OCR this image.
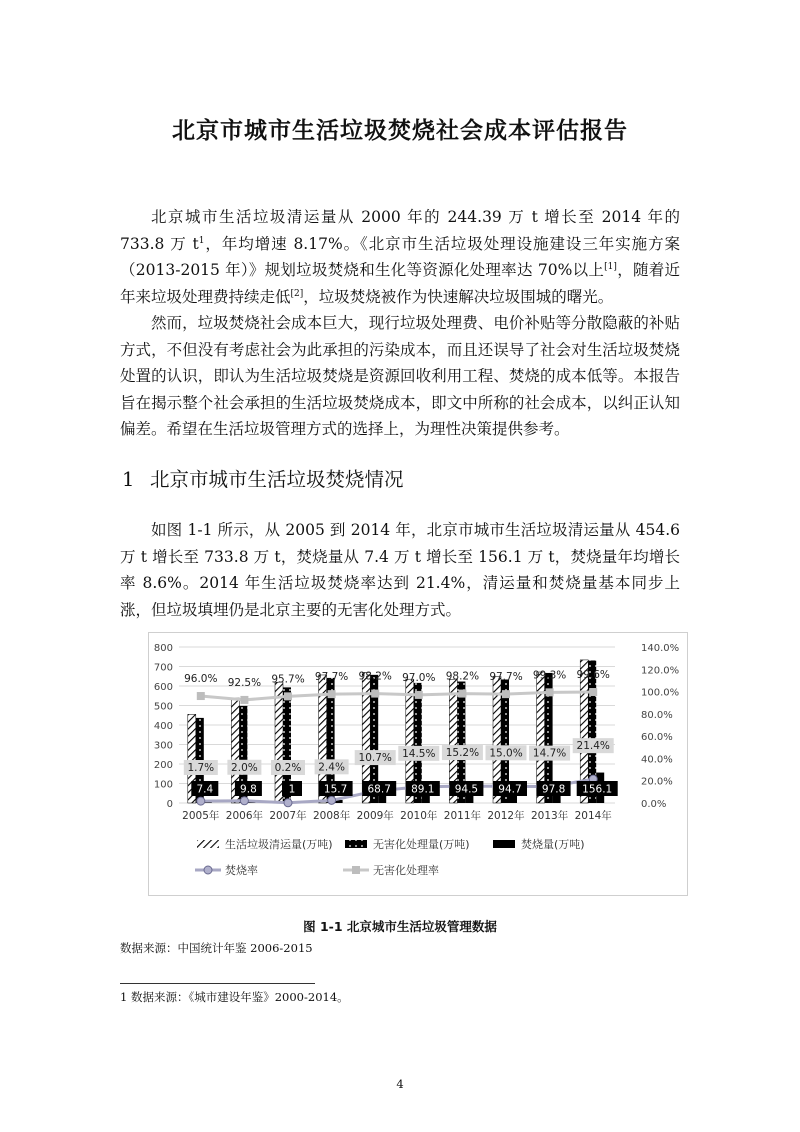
北京市城市生活垃圾焚烧社会成本评估报告

北京城市生活垃圾清运量从 2000 年的 244.39 万 t 增长至 2014 年的 733.8 万 $t^1$，年均增速 8.17%。《北京市生活垃圾处理设施建设三年实施方案（2013-2015 年）》规划垃圾焚烧和生化等资源化处理率达 70%以上[1]，随着近年来垃圾处理费持续走低[2]，垃圾焚烧被作为快速解决垃圾围城的曙光。

然而，垃圾焚烧社会成本巨大，现行垃圾处理费、电价补贴等分散隐蔽的补贴方式，不但没有考虑社会为此承担的污染成本，而且还误导了社会对生活垃圾焚烧处置的认识，即认为生活垃圾焚烧是资源回收利用工程、焚烧的成本低等。本报告旨在揭示整个社会承担的生活垃圾焚烧成本，即文中所称的社会成本，以纠正认知偏差。希望在生活垃圾管理方式的选择上，为理性决策提供参考。

1 北京市城市生活垃圾焚烧情况

如图 1-1 所示，从 2005 到 2014 年，北京市城市生活垃圾清运量从 454.6 万 t 增长至 733.8 万 t，焚烧量从 7.4 万 t 增长至 156.1 万 t，焚烧量年均增长率 8.6%。2014 年生活垃圾焚烧率达到 21.4%，清运量和焚烧量基本同步上涨，但垃圾填埋仍是北京主要的无害化处理方式。

0
100
200
300
400
500
600
700
800
0.0%
20.0%
40.0%
60.0%
80.0%
100.0%
120.0%
140.0%
2005年 2006年 2007年 2008年 2009年 2010年 2011年 2012年 2013年 2014年
7.4	9.8	1	15.7 68.7 89.1 94.5 94.7 97.8 156.1
1.7% 2.0% 0.2% 2.4%
10.7% 14.5% 15.2% 15.0% 14.7%
21.4%
96.0% 92.5% 95.7% 97.7% 98.2% 97.0% 98.2% 97.7% 99.3% 99.6%
生活垃圾清运量(万吨)	无害化处理量(万吨)	焚烧量(万吨)
焚烧率	无害化处理率
图 1-1 北京城市生活垃圾管理数据
数据来源：中国统计年鉴 2006-2015
1 数据来源：《城市建设年鉴》2000-2014。
4
